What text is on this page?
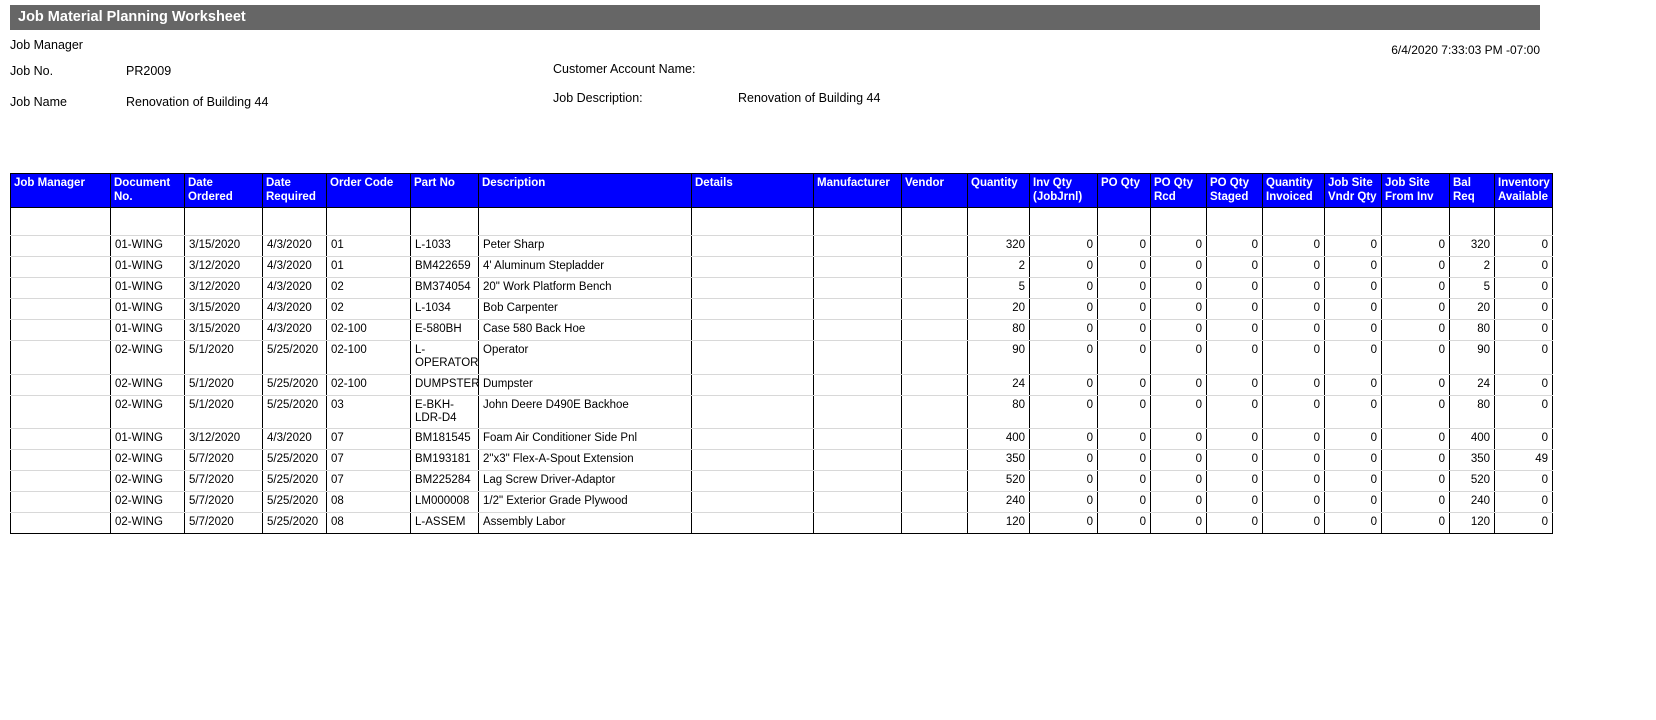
Job Material Planning Worksheet
Job Manager
Job No.	PR2009
Job Name	Renovation of Building 44
Customer Account Name:
Job Description:	Renovation of Building 44
6/4/2020 7:33:03 PM -07:00
Job Manager	Document No.	Date Ordered	Date Required	Order Code	Part No	Description	Details	Manufacturer	Vendor	Quantity	Inv Qty (JobJrnl)	PO Qty	PO Qty Rcd	PO Qty Staged	Quantity Invoiced	Job Site Vndr Qty	Job Site From Inv	Bal Req	Inventory Available

	01-WING	3/15/2020	4/3/2020	01	L-1033	Peter Sharp				320	0	0	0	0	0	0	0	320	0
	01-WING	3/12/2020	4/3/2020	01	BM422659	4' Aluminum Stepladder				2	0	0	0	0	0	0	0	2	0
	01-WING	3/12/2020	4/3/2020	02	BM374054	20" Work Platform Bench				5	0	0	0	0	0	0	0	5	0
	01-WING	3/15/2020	4/3/2020	02	L-1034	Bob Carpenter				20	0	0	0	0	0	0	0	20	0
	01-WING	3/15/2020	4/3/2020	02-100	E-580BH	Case 580 Back Hoe				80	0	0	0	0	0	0	0	80	0
	02-WING	5/1/2020	5/25/2020	02-100	L-OPERATOR	Operator				90	0	0	0	0	0	0	0	90	0
	02-WING	5/1/2020	5/25/2020	02-100	DUMPSTER	Dumpster				24	0	0	0	0	0	0	0	24	0
	02-WING	5/1/2020	5/25/2020	03	E-BKH-LDR-D4	John Deere D490E Backhoe				80	0	0	0	0	0	0	0	80	0
	01-WING	3/12/2020	4/3/2020	07	BM181545	Foam Air Conditioner Side Pnl				400	0	0	0	0	0	0	0	400	0
	02-WING	5/7/2020	5/25/2020	07	BM193181	2"x3" Flex-A-Spout Extension				350	0	0	0	0	0	0	0	350	49
	02-WING	5/7/2020	5/25/2020	07	BM225284	Lag Screw Driver-Adaptor				520	0	0	0	0	0	0	0	520	0
	02-WING	5/7/2020	5/25/2020	08	LM000008	1/2" Exterior Grade Plywood				240	0	0	0	0	0	0	0	240	0
	02-WING	5/7/2020	5/25/2020	08	L-ASSEM	Assembly Labor				120	0	0	0	0	0	0	0	120	0
